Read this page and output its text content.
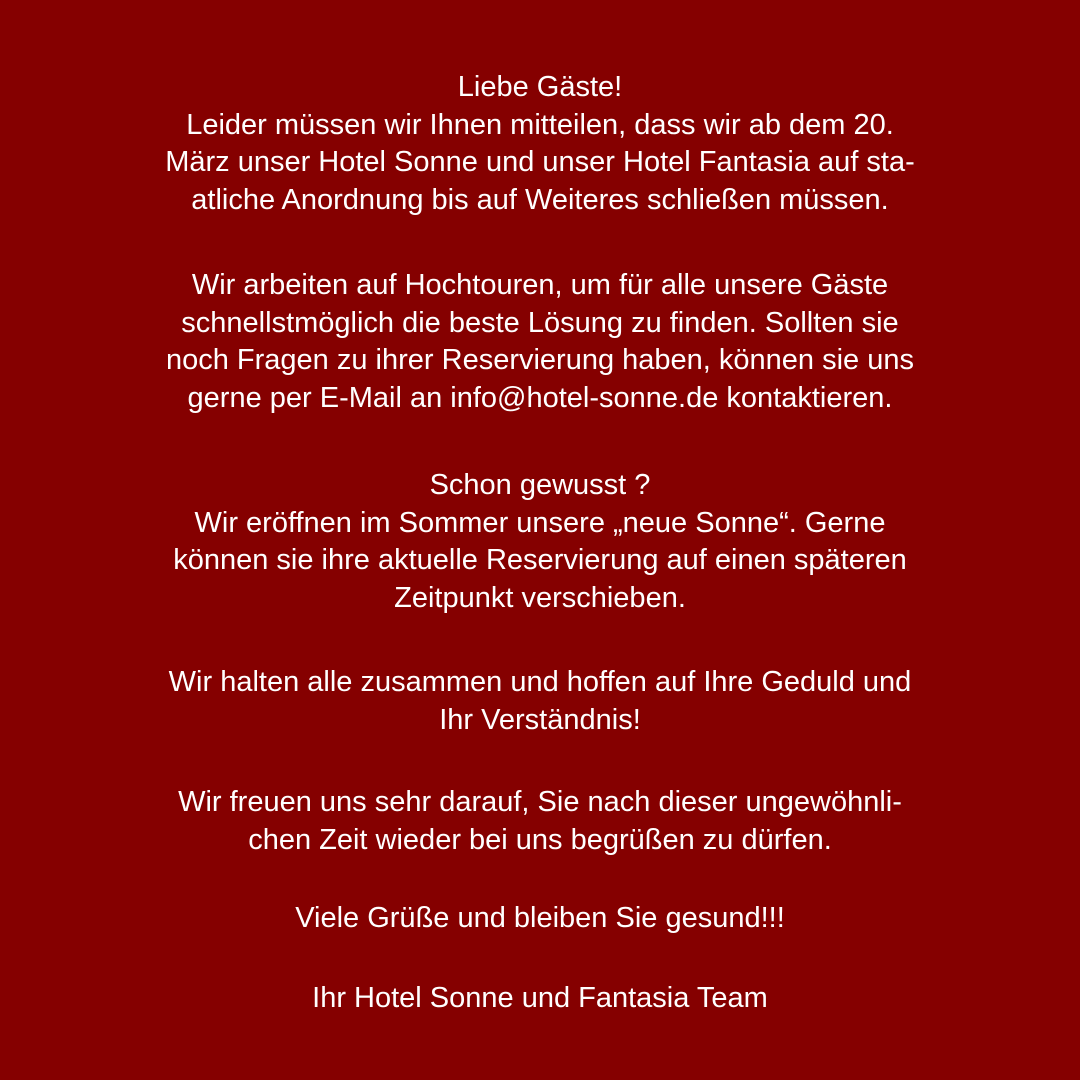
Liebe Gäste!
Leider müssen wir Ihnen mitteilen, dass wir ab dem 20.
März unser Hotel Sonne und unser Hotel Fantasia auf sta-
atliche Anordnung bis auf Weiteres schließen müssen.
Wir arbeiten auf Hochtouren, um für alle unsere Gäste
schnellstmöglich die beste Lösung zu finden. Sollten sie
noch Fragen zu ihrer Reservierung haben, können sie uns
gerne per E-Mail an info@hotel-sonne.de kontaktieren.
Schon gewusst ?
Wir eröffnen im Sommer unsere „neue Sonne“. Gerne
können sie ihre aktuelle Reservierung auf einen späteren
Zeitpunkt verschieben.
Wir halten alle zusammen und hoffen auf Ihre Geduld und
Ihr Verständnis!
Wir freuen uns sehr darauf, Sie nach dieser ungewöhnli-
chen Zeit wieder bei uns begrüßen zu dürfen.
Viele Grüße und bleiben Sie gesund!!!
Ihr Hotel Sonne und Fantasia Team
